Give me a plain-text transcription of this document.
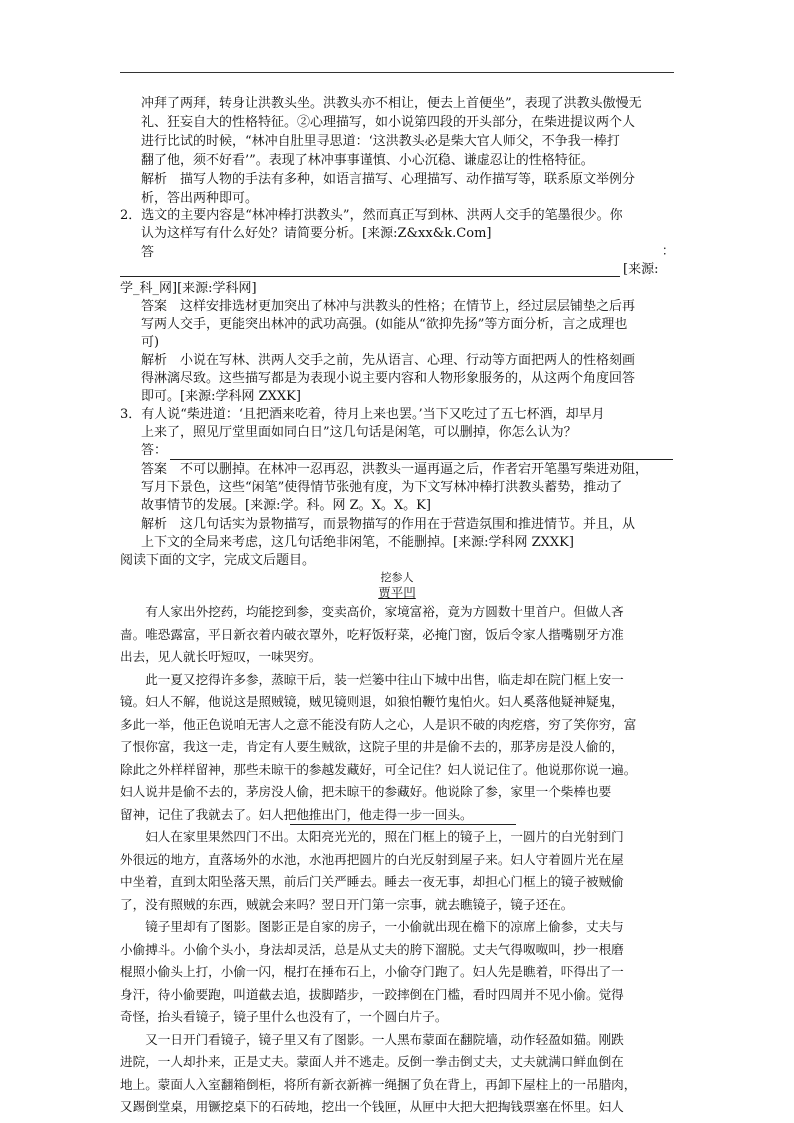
冲拜了两拜，转身让洪教头坐。洪教头亦不相让，便去上首便坐”，表现了洪教头傲慢无
礼、狂妄自大的性格特征。②心理描写，如小说第四段的开头部分，在柴进提议两个人
进行比试的时候，“林冲自肚里寻思道：‘这洪教头必是柴大官人师父，不争我一棒打
翻了他，须不好看’”。表现了林冲事事谨慎、小心沉稳、谦虚忍让的性格特征。
解析　描写人物的手法有多种，如语言描写、心理描写、动作描写等，联系原文举例分
析，答出两种即可。
2．选文的主要内容是“林冲棒打洪教头”，然而真正写到林、洪两人交手的笔墨很少。你
认为这样写有什么好处？请简要分析。[来源:Z&xx&k.Com]
答	：
[来源:
学_科_网][来源:学科网]
答案　这样安排选材更加突出了林冲与洪教头的性格；在情节上，经过层层铺垫之后再
写两人交手，更能突出林冲的武功高强。(如能从“欲抑先扬”等方面分析，言之成理也
可)
解析　小说在写林、洪两人交手之前，先从语言、心理、行动等方面把两人的性格刻画
得淋漓尽致。这些描写都是为表现小说主要内容和人物形象服务的，从这两个角度回答
即可。[来源:学科网 ZXXK]
3．有人说“柴进道：‘且把酒来吃着，待月上来也罢。’当下又吃过了五七杯酒，却早月
上来了，照见厅堂里面如同白日”这几句话是闲笔，可以删掉，你怎么认为？
答：
答案　不可以删掉。在林冲一忍再忍，洪教头一逼再逼之后，作者宕开笔墨写柴进劝阻，
写月下景色，这些“闲笔”使得情节张弛有度，为下文写林冲棒打洪教头蓄势，推动了
故事情节的发展。[来源:学。科。网 Z。X。X。K]
解析　这几句话实为景物描写，而景物描写的作用在于营造氛围和推进情节。并且，从
上下文的全局来考虑，这几句话绝非闲笔，不能删掉。[来源:学科网 ZXXK]
阅读下面的文字，完成文后题目。
挖参人
贾平凹
　　有人家出外挖药，均能挖到参，变卖高价，家境富裕，竟为方圆数十里首户。但做人吝
啬。唯恐露富，平日新衣着内破衣罩外，吃籽饭籽菜，必掩门窗，饭后令家人揩嘴剔牙方准
出去，见人就长吁短叹，一味哭穷。
　　此一夏又挖得许多参，蒸晾干后，装一烂篓中往山下城中出售，临走却在院门框上安一
镜。妇人不解，他说这是照贼镜，贼见镜则退，如狼怕鞭竹鬼怕火。妇人奚落他疑神疑鬼，
多此一举，他正色说咱无害人之意不能没有防人之心，人是识不破的肉疙瘩，穷了笑你穷，富
了恨你富，我这一走，肯定有人要生贼欲，这院子里的井是偷不去的，那茅房是没人偷的，
除此之外样样留神，那些未晾干的参越发藏好，可全记住？妇人说记住了。他说那你说一遍。
妇人说井是偷不去的，茅房没人偷，把未晾干的参藏好。他说除了参，家里一个柴棒也要
留神，记住了我就去了。妇人把他推出门，他走得一步一回头。
　　妇人在家里果然四门不出。太阳亮光光的，照在门框上的镜子上，一圆片的白光射到门
外很远的地方，直落场外的水池，水池再把圆片的白光反射到屋子来。妇人守着圆片光在屋
中坐着，直到太阳坠落天黑，前后门关严睡去。睡去一夜无事，却担心门框上的镜子被贼偷
了，没有照贼的东西，贼就会来吗？翌日开门第一宗事，就去瞧镜子，镜子还在。
　　镜子里却有了图影。图影正是自家的房子，一小偷就出现在檐下的凉席上偷参，丈夫与
小偷搏斗。小偷个头小，身法却灵活，总是从丈夫的胯下溜脱。丈夫气得呶呶叫，抄一根磨
棍照小偷头上打，小偷一闪，棍打在捶布石上，小偷夺门跑了。妇人先是瞧着，吓得出了一
身汗，待小偷要跑，叫道截去追，拔脚踏步，一跤摔倒在门槛，看时四周并不见小偷。觉得
奇怪，抬头看镜子，镜子里什么也没有了，一个圆白片子。
　　又一日开门看镜子，镜子里又有了图影。一人黑布蒙面在翻院墙，动作轻盈如猫。刚跌
进院，一人却扑来，正是丈夫。蒙面人并不逃走。反倒一拳击倒丈夫，丈夫就满口鲜血倒在
地上。蒙面人入室翻箱倒柜，将所有新衣新裤一绳捆了负在背上，再卸下屋柱上的一吊腊肉，
又踢倒堂桌，用镢挖桌下的石砖地，挖出一个钱匣，从匣中大把大把掏钱票塞在怀里。妇人
